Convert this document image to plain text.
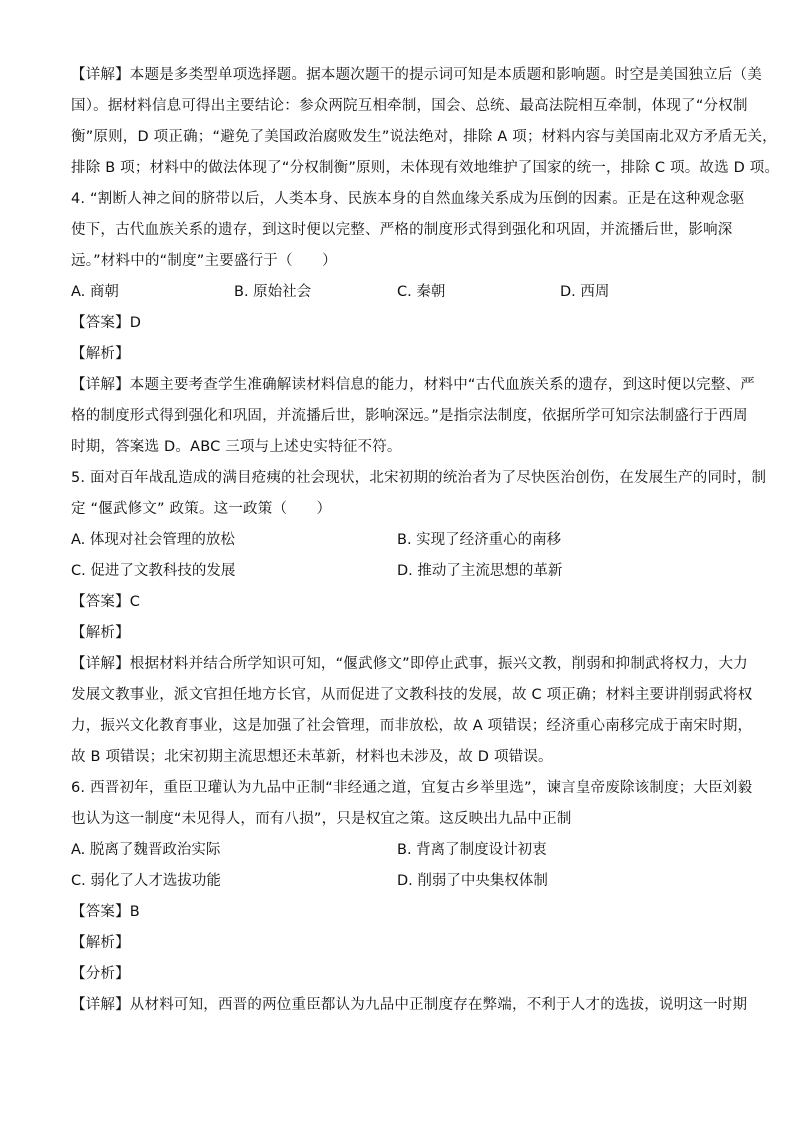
【详解】本题是多类型单项选择题。据本题次题干的提示词可知是本质题和影响题。时空是美国独立后（美
国）。据材料信息可得出主要结论：参众两院互相牵制，国会、总统、最高法院相互牵制，体现了“分权制
衡”原则，D 项正确；“避免了美国政治腐败发生”说法绝对，排除 A 项；材料内容与美国南北双方矛盾无关，
排除 B 项；材料中的做法体现了“分权制衡”原则，未体现有效地维护了国家的统一，排除 C 项。故选 D 项。
4. “割断人神之间的脐带以后，人类本身、民族本身的自然血缘关系成为压倒的因素。正是在这种观念驱
使下，古代血族关系的遗存，到这时便以完整、严格的制度形式得到强化和巩固，并流播后世，影响深
远。”材料中的“制度”主要盛行于（　　）
A. 商朝	B. 原始社会	C. 秦朝	D. 西周
【答案】D
【解析】
【详解】本题主要考查学生准确解读材料信息的能力，材料中“古代血族关系的遗存，到这时便以完整、严
格的制度形式得到强化和巩固，并流播后世，影响深远。”是指宗法制度，依据所学可知宗法制盛行于西周
时期，答案选 D。ABC 三项与上述史实特征不符。
5. 面对百年战乱造成的满目疮痍的社会现状，北宋初期的统治者为了尽快医治创伤，在发展生产的同时，制
定 “偃武修文” 政策。这一政策（　　）
A. 体现对社会管理的放松	B. 实现了经济重心的南移
C. 促进了文教科技的发展	D. 推动了主流思想的革新
【答案】C
【解析】
【详解】根据材料并结合所学知识可知，“偃武修文”即停止武事，振兴文教，削弱和抑制武将权力，大力
发展文教事业，派文官担任地方长官，从而促进了文教科技的发展，故 C 项正确；材料主要讲削弱武将权
力，振兴文化教育事业，这是加强了社会管理，而非放松，故 A 项错误；经济重心南移完成于南宋时期，
故 B 项错误；北宋初期主流思想还未革新，材料也未涉及，故 D 项错误。
6. 西晋初年，重臣卫瓘认为九品中正制“非经通之道，宜复古乡举里选”，谏言皇帝废除该制度；大臣刘毅
也认为这一制度“未见得人，而有八损”，只是权宜之策。这反映出九品中正制
A. 脱离了魏晋政治实际	B. 背离了制度设计初衷
C. 弱化了人才选拔功能	D. 削弱了中央集权体制
【答案】B
【解析】
【分析】
【详解】从材料可知，西晋的两位重臣都认为九品中正制度存在弊端，不利于人才的选拔，说明这一时期
